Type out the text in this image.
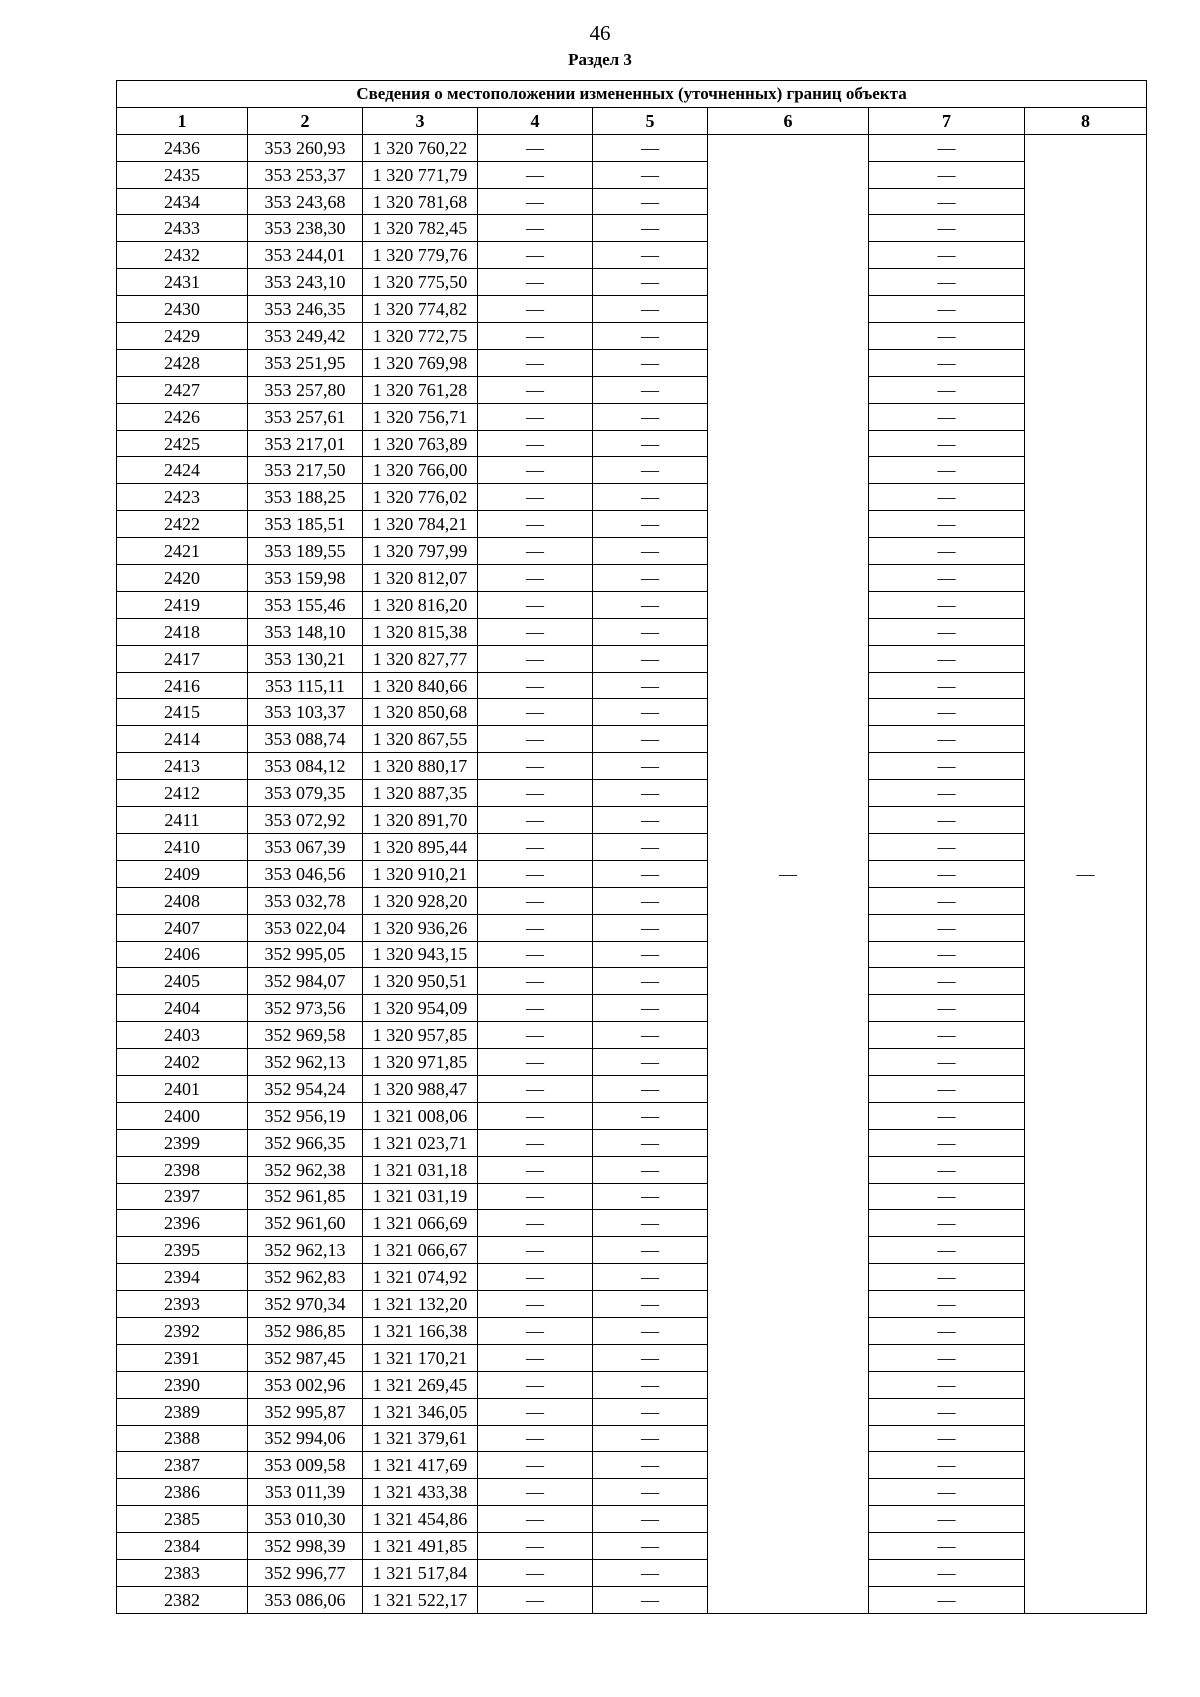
46
Раздел 3
Сведения о местоположении измененных (уточненных) границ объекта							
1	2	3	4	5	6	7	8
2436	353 260,93	1 320 760,22	—	—	—	—	—
2435	353 253,37	1 320 771,79	—	—		—	
2434	353 243,68	1 320 781,68	—	—		—	
2433	353 238,30	1 320 782,45	—	—		—	
2432	353 244,01	1 320 779,76	—	—		—	
2431	353 243,10	1 320 775,50	—	—		—	
2430	353 246,35	1 320 774,82	—	—		—	
2429	353 249,42	1 320 772,75	—	—		—	
2428	353 251,95	1 320 769,98	—	—		—	
2427	353 257,80	1 320 761,28	—	—		—	
2426	353 257,61	1 320 756,71	—	—		—	
2425	353 217,01	1 320 763,89	—	—		—	
2424	353 217,50	1 320 766,00	—	—		—	
2423	353 188,25	1 320 776,02	—	—		—	
2422	353 185,51	1 320 784,21	—	—		—	
2421	353 189,55	1 320 797,99	—	—		—	
2420	353 159,98	1 320 812,07	—	—		—	
2419	353 155,46	1 320 816,20	—	—		—	
2418	353 148,10	1 320 815,38	—	—		—	
2417	353 130,21	1 320 827,77	—	—		—	
2416	353 115,11	1 320 840,66	—	—		—	
2415	353 103,37	1 320 850,68	—	—		—	
2414	353 088,74	1 320 867,55	—	—		—	
2413	353 084,12	1 320 880,17	—	—		—	
2412	353 079,35	1 320 887,35	—	—		—	
2411	353 072,92	1 320 891,70	—	—		—	
2410	353 067,39	1 320 895,44	—	—		—	
2409	353 046,56	1 320 910,21	—	—		—	
2408	353 032,78	1 320 928,20	—	—		—	
2407	353 022,04	1 320 936,26	—	—		—	
2406	352 995,05	1 320 943,15	—	—		—	
2405	352 984,07	1 320 950,51	—	—		—	
2404	352 973,56	1 320 954,09	—	—		—	
2403	352 969,58	1 320 957,85	—	—		—	
2402	352 962,13	1 320 971,85	—	—		—	
2401	352 954,24	1 320 988,47	—	—		—	
2400	352 956,19	1 321 008,06	—	—		—	
2399	352 966,35	1 321 023,71	—	—		—	
2398	352 962,38	1 321 031,18	—	—		—	
2397	352 961,85	1 321 031,19	—	—		—	
2396	352 961,60	1 321 066,69	—	—		—	
2395	352 962,13	1 321 066,67	—	—		—	
2394	352 962,83	1 321 074,92	—	—		—	
2393	352 970,34	1 321 132,20	—	—		—	
2392	352 986,85	1 321 166,38	—	—		—	
2391	352 987,45	1 321 170,21	—	—		—	
2390	353 002,96	1 321 269,45	—	—		—	
2389	352 995,87	1 321 346,05	—	—		—	
2388	352 994,06	1 321 379,61	—	—		—	
2387	353 009,58	1 321 417,69	—	—		—	
2386	353 011,39	1 321 433,38	—	—		—	
2385	353 010,30	1 321 454,86	—	—		—	
2384	352 998,39	1 321 491,85	—	—		—	
2383	352 996,77	1 321 517,84	—	—		—	
2382	353 086,06	1 321 522,17	—	—		—	
